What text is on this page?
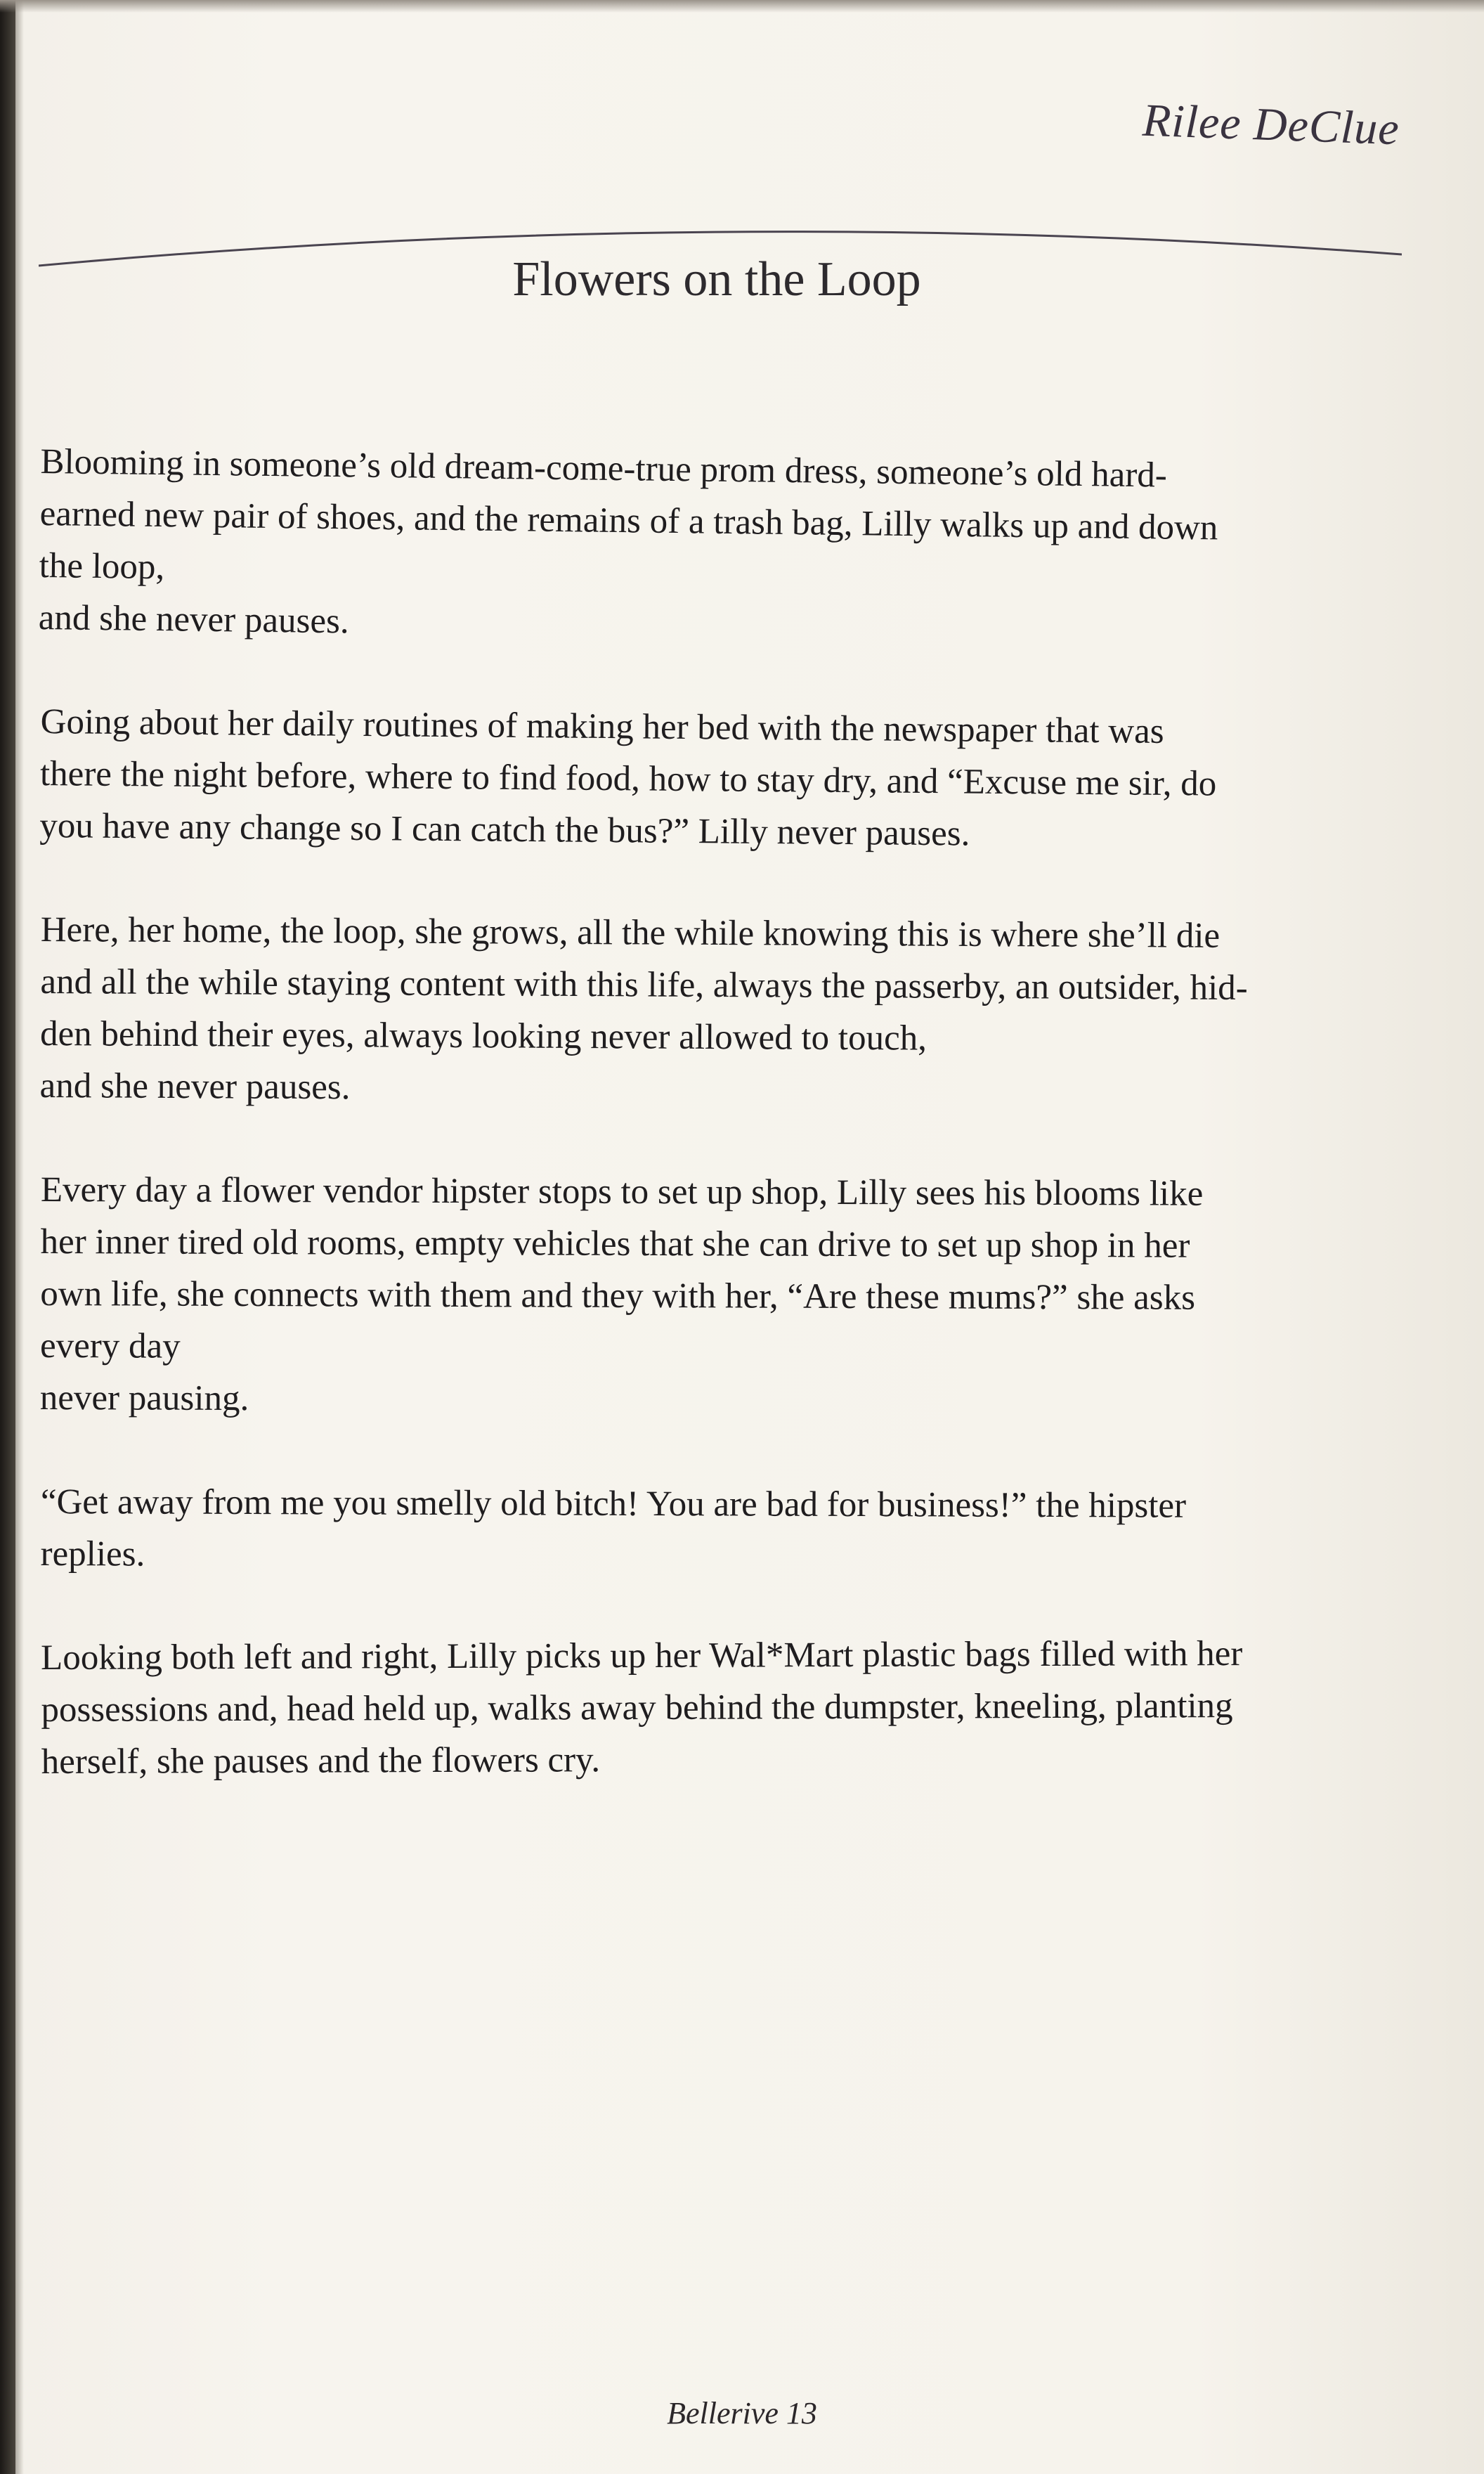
Rilee DeClue
Flowers on the Loop

Blooming in someone’s old dream-come-true prom dress, someone’s old hard-
earned new pair of shoes, and the remains of a trash bag, Lilly walks up and down
the loop,
and she never pauses.

Going about her daily routines of making her bed with the newspaper that was
there the night before, where to find food, how to stay dry, and “Excuse me sir, do
you have any change so I can catch the bus?” Lilly never pauses.

Here, her home, the loop, she grows, all the while knowing this is where she’ll die
and all the while staying content with this life, always the passerby, an outsider, hid-
den behind their eyes, always looking never allowed to touch,
and she never pauses.

Every day a flower vendor hipster stops to set up shop, Lilly sees his blooms like
her inner tired old rooms, empty vehicles that she can drive to set up shop in her
own life, she connects with them and they with her, “Are these mums?” she asks
every day
never pausing.

“Get away from me you smelly old bitch! You are bad for business!” the hipster
replies.

Looking both left and right, Lilly picks up her Wal*Mart plastic bags filled with her
possessions and, head held up, walks away behind the dumpster, kneeling, planting
herself, she pauses and the flowers cry.

Bellerive 13
